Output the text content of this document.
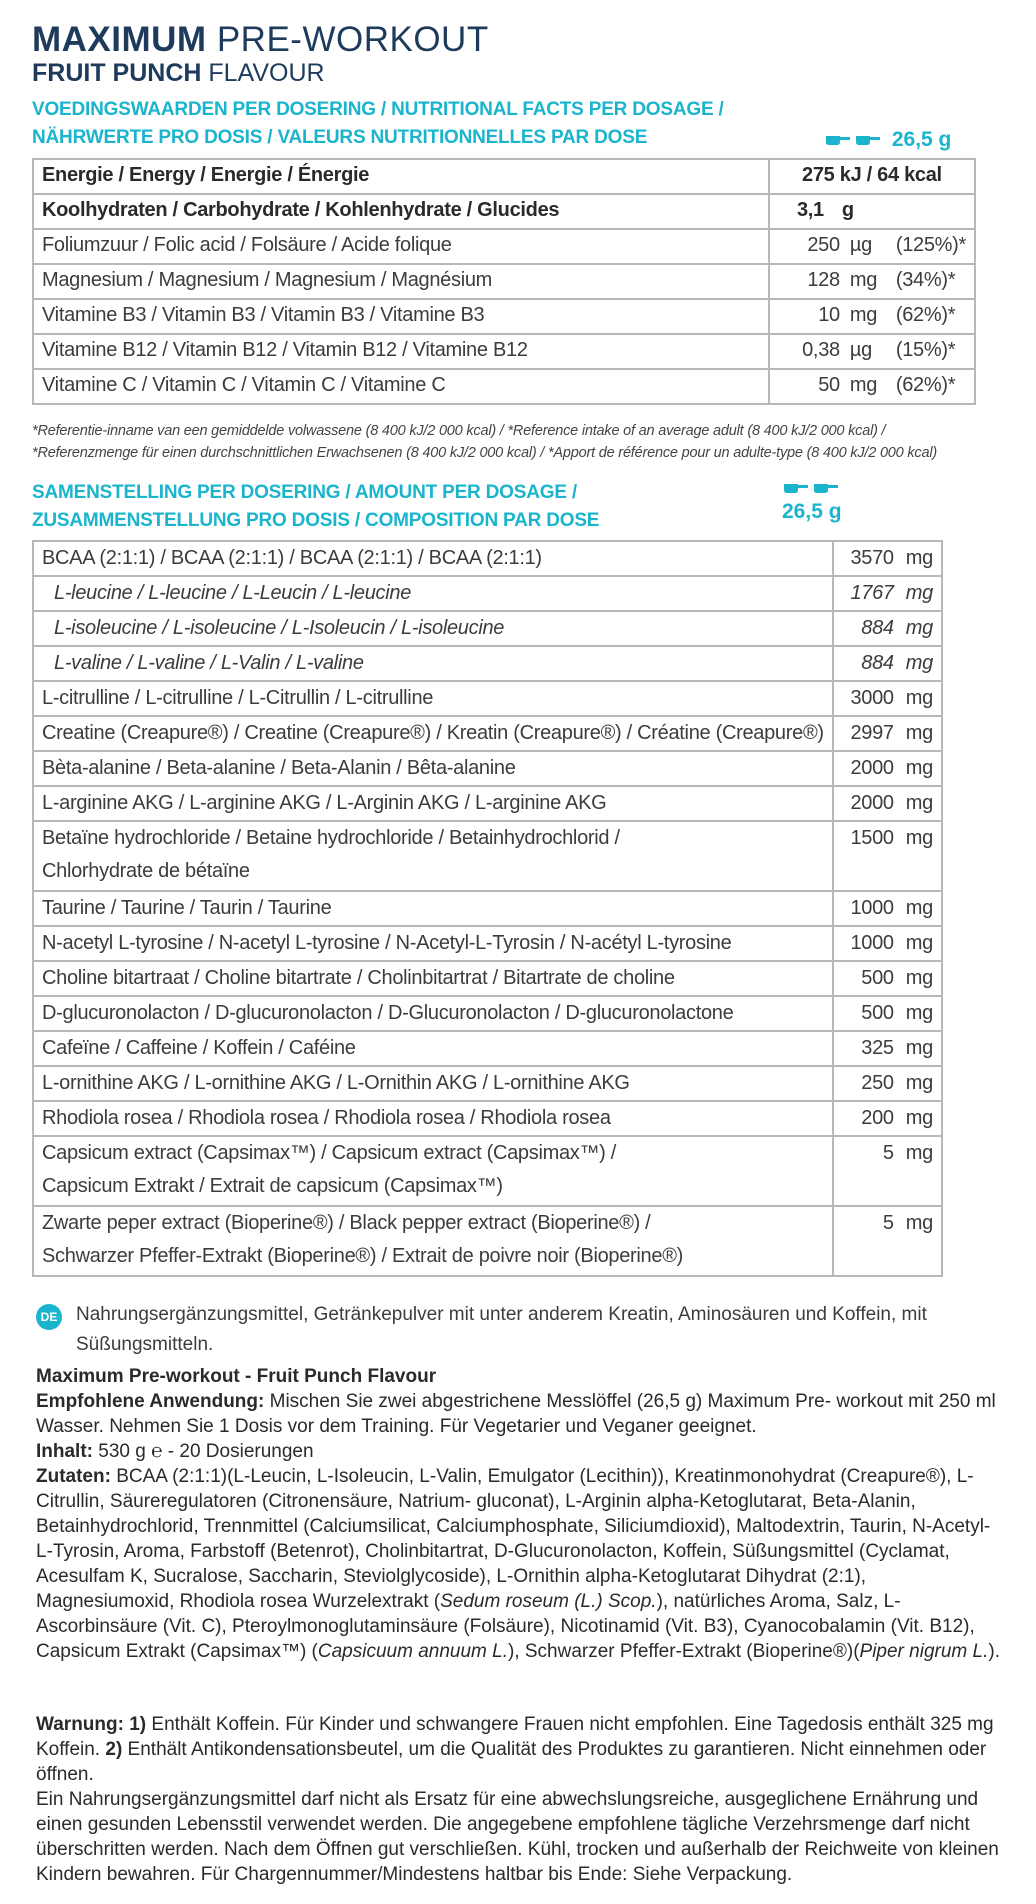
MAXIMUM PRE-WORKOUT
FRUIT PUNCH FLAVOUR
VOEDINGSWAARDEN PER DOSERING / NUTRITIONAL FACTS PER DOSAGE /
NÄHRWERTE PRO DOSIS / VALEURS NUTRITIONNELLES PAR DOSE	26,5 g
Energie / Energy / Energie / Énergie	275 kJ / 64 kcal
Koolhydraten / Carbohydrate / Kohlenhydrate / Glucides	3,1 g
Foliumzuur / Folic acid / Folsäure / Acide folique	250 µg (125%)*
Magnesium / Magnesium / Magnesium / Magnésium	128 mg (34%)*
Vitamine B3 / Vitamin B3 / Vitamin B3 / Vitamine B3	10 mg (62%)*
Vitamine B12 / Vitamin B12 / Vitamin B12 / Vitamine B12	0,38 µg (15%)*
Vitamine C / Vitamin C / Vitamin C / Vitamine C	50 mg (62%)*

*Referentie-inname van een gemiddelde volwassene (8 400 kJ/2 000 kcal) / *Reference intake of an average adult (8 400 kJ/2 000 kcal) /
*Referenzmenge für einen durchschnittlichen Erwachsenen (8 400 kJ/2 000 kcal) / *Apport de référence pour un adulte-type (8 400 kJ/2 000 kcal)

SAMENSTELLING PER DOSERING / AMOUNT PER DOSAGE /
ZUSAMMENSTELLUNG PRO DOSIS / COMPOSITION PAR DOSE	26,5 g
BCAA (2:1:1) / BCAA (2:1:1) / BCAA (2:1:1) / BCAA (2:1:1)	3570 mg
L-leucine / L-leucine / L-Leucin / L-leucine	1767 mg
L-isoleucine / L-isoleucine / L-Isoleucin / L-isoleucine	884 mg
L-valine / L-valine / L-Valin / L-valine	884 mg
L-citrulline / L-citrulline / L-Citrullin / L-citrulline	3000 mg
Creatine (Creapure®) / Creatine (Creapure®) / Kreatin (Creapure®) / Créatine (Creapure®)	2997 mg
Bèta-alanine / Beta-alanine / Beta-Alanin / Bêta-alanine	2000 mg
L-arginine AKG / L-arginine AKG / L-Arginin AKG / L-arginine AKG	2000 mg
Betaïne hydrochloride / Betaine hydrochloride / Betainhydrochlorid /
Chlorhydrate de bétaïne	1500 mg
Taurine / Taurine / Taurin / Taurine	1000 mg
N-acetyl L-tyrosine / N-acetyl L-tyrosine / N-Acetyl-L-Tyrosin / N-acétyl L-tyrosine	1000 mg
Choline bitartraat / Choline bitartrate / Cholinbitartrat / Bitartrate de choline	500 mg
D-glucuronolacton / D-glucuronolacton / D-Glucuronolacton / D-glucuronolactone	500 mg
Cafeïne / Caffeine / Koffein / Caféine	325 mg
L-ornithine AKG / L-ornithine AKG / L-Ornithin AKG / L-ornithine AKG	250 mg
Rhodiola rosea / Rhodiola rosea / Rhodiola rosea / Rhodiola rosea	200 mg
Capsicum extract (Capsimax™) / Capsicum extract (Capsimax™) /
Capsicum Extrakt / Extrait de capsicum (Capsimax™)	5 mg
Zwarte peper extract (Bioperine®) / Black pepper extract (Bioperine®) /
Schwarzer Pfeffer-Extrakt (Bioperine®) / Extrait de poivre noir (Bioperine®)	5 mg
DE Nahrungsergänzungsmittel, Getränkepulver mit unter anderem Kreatin, Aminosäuren und Koffein, mit Süßungsmitteln.

Maximum Pre-workout - Fruit Punch Flavour
Empfohlene Anwendung: Mischen Sie zwei abgestrichene Messlöffel (26,5 g) Maximum Pre- workout mit 250 ml Wasser. Nehmen Sie 1 Dosis vor dem Training. Für Vegetarier und Veganer geeignet.
Inhalt: 530 g ℮ - 20 Dosierungen
Zutaten: BCAA (2:1:1)(L-Leucin, L-Isoleucin, L-Valin, Emulgator (Lecithin)), Kreatinmonohydrat (Creapure®), L-Citrullin, Säureregulatoren (Citronensäure, Natrium- gluconat), L-Arginin alpha-Ketoglutarat, Beta-Alanin, Betainhydrochlorid, Trennmittel (Calciumsilicat, Calciumphosphate, Siliciumdioxid), Maltodextrin, Taurin, N-Acetyl-L-Tyrosin, Aroma, Farbstoff (Betenrot), Cholinbitartrat, D-Glucuronolacton, Koffein, Süßungsmittel (Cyclamat, Acesulfam K, Sucralose, Saccharin, Steviolglycoside), L-Ornithin alpha-Ketoglutarat Dihydrat (2:1), Magnesiumoxid, Rhodiola rosea Wurzelextrakt (Sedum roseum (L.) Scop.), natürliches Aroma, Salz, L-Ascorbinsäure (Vit. C), Pteroylmonoglutaminsäure (Folsäure), Nicotinamid (Vit. B3), Cyanocobalamin (Vit. B12), Capsicum Extrakt (Capsimax™) (Capsicuum annuum L.), Schwarzer Pfeffer-Extrakt (Bioperine®)(Piper nigrum L.).
Warnung: 1) Enthält Koffein. Für Kinder und schwangere Frauen nicht empfohlen. Eine Tagedosis enthält 325 mg Koffein. 2) Enthält Antikondensationsbeutel, um die Qualität des Produktes zu garantieren. Nicht einnehmen oder öffnen.
Ein Nahrungsergänzungsmittel darf nicht als Ersatz für eine abwechslungsreiche, ausgeglichene Ernährung und einen gesunden Lebensstil verwendet werden. Die angegebene empfohlene tägliche Verzehrsmenge darf nicht überschritten werden. Nach dem Öffnen gut verschließen. Kühl, trocken und außerhalb der Reichweite von kleinen Kindern bewahren. Für Chargennummer/Mindestens haltbar bis Ende: Siehe Verpackung.
